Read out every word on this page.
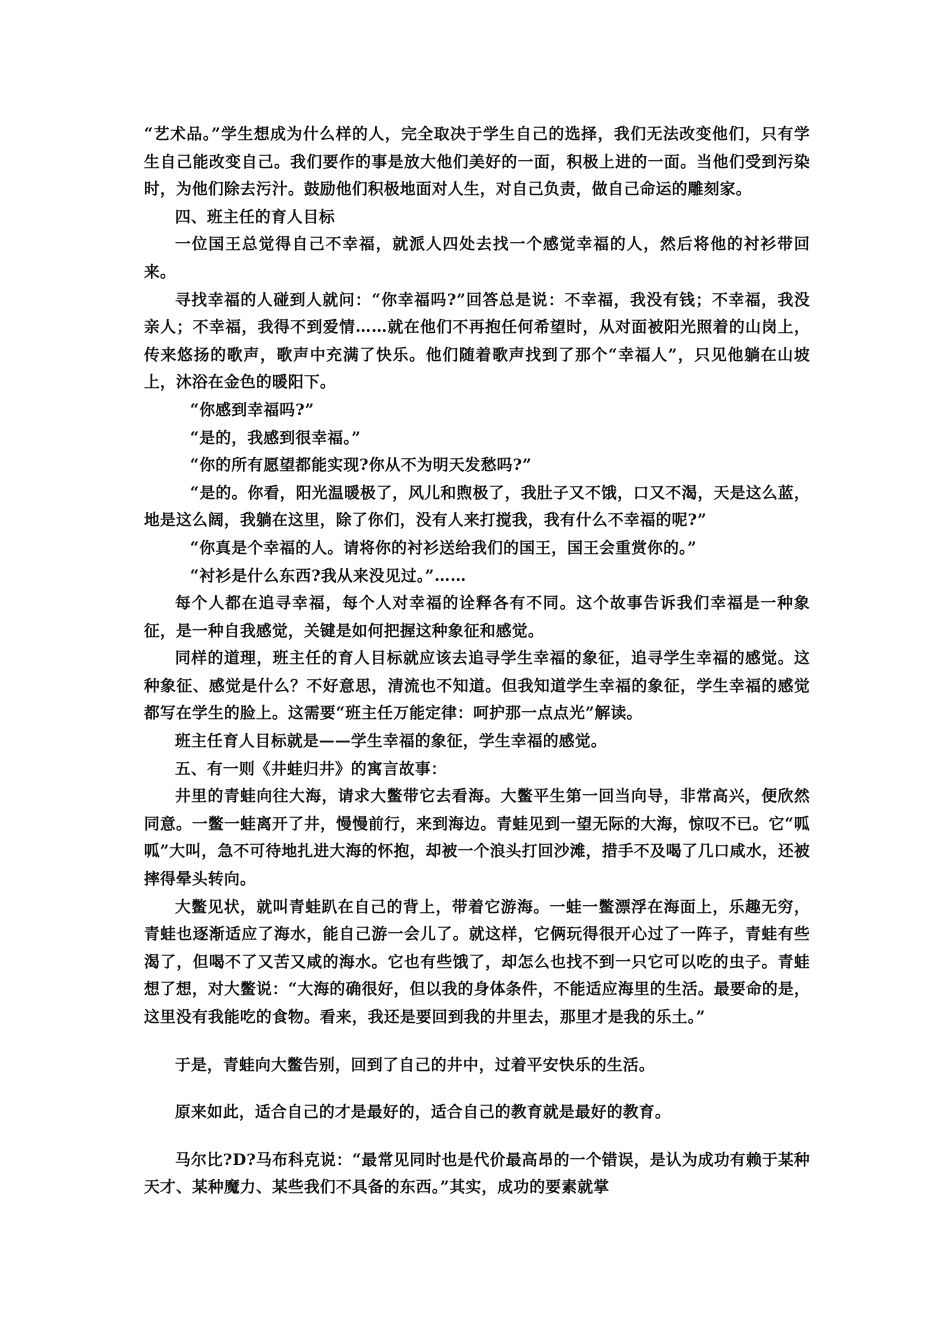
“艺术品。”学生想成为什么样的人，完全取决于学生自己的选择，我们无法改变他们，只有学生自己能改变自己。我们要作的事是放大他们美好的一面，积极上进的一面。当他们受到污染时，为他们除去污汁。鼓励他们积极地面对人生，对自己负责，做自己命运的雕刻家。

四、班主任的育人目标

一位国王总觉得自己不幸福，就派人四处去找一个感觉幸福的人，然后将他的衬衫带回来。

寻找幸福的人碰到人就问：“你幸福吗?”回答总是说：不幸福，我没有钱；不幸福，我没亲人；不幸福，我得不到爱情……就在他们不再抱任何希望时，从对面被阳光照着的山岗上，传来悠扬的歌声，歌声中充满了快乐。他们随着歌声找到了那个“幸福人”，只见他躺在山坡上，沐浴在金色的暖阳下。

“你感到幸福吗?”

“是的，我感到很幸福。”

“你的所有愿望都能实现?你从不为明天发愁吗?”

“是的。你看，阳光温暖极了，风儿和煦极了，我肚子又不饿，口又不渴，天是这么蓝，地是这么阔，我躺在这里，除了你们，没有人来打搅我，我有什么不幸福的呢?”

“你真是个幸福的人。请将你的衬衫送给我们的国王，国王会重赏你的。”

“衬衫是什么东西?我从来没见过。”……

每个人都在追寻幸福，每个人对幸福的诠释各有不同。这个故事告诉我们幸福是一种象征，是一种自我感觉，关键是如何把握这种象征和感觉。

同样的道理，班主任的育人目标就应该去追寻学生幸福的象征，追寻学生幸福的感觉。这种象征、感觉是什么？不好意思，清流也不知道。但我知道学生幸福的象征，学生幸福的感觉都写在学生的脸上。这需要“班主任万能定律：呵护那一点点光”解读。

班主任育人目标就是——学生幸福的象征，学生幸福的感觉。

五、有一则《井蛙归井》的寓言故事：

井里的青蛙向往大海，请求大鳖带它去看海。大鳖平生第一回当向导，非常高兴，便欣然同意。一鳖一蛙离开了井，慢慢前行，来到海边。青蛙见到一望无际的大海，惊叹不已。它“呱呱”大叫，急不可待地扎进大海的怀抱，却被一个浪头打回沙滩，措手不及喝了几口咸水，还被摔得晕头转向。

大鳖见状，就叫青蛙趴在自己的背上，带着它游海。一蛙一鳖漂浮在海面上，乐趣无穷，青蛙也逐渐适应了海水，能自己游一会儿了。就这样，它俩玩得很开心过了一阵子，青蛙有些渴了，但喝不了又苦又咸的海水。它也有些饿了，却怎么也找不到一只它可以吃的虫子。青蛙想了想，对大鳖说：“大海的确很好，但以我的身体条件，不能适应海里的生活。最要命的是，这里没有我能吃的食物。看来，我还是要回到我的井里去，那里才是我的乐土。”

于是，青蛙向大鳖告别，回到了自己的井中，过着平安快乐的生活。

原来如此，适合自己的才是最好的，适合自己的教育就是最好的教育。

马尔比?D?马布科克说：“最常见同时也是代价最高昂的一个错误，是认为成功有赖于某种天才、某种魔力、某些我们不具备的东西。”其实，成功的要素就掌
